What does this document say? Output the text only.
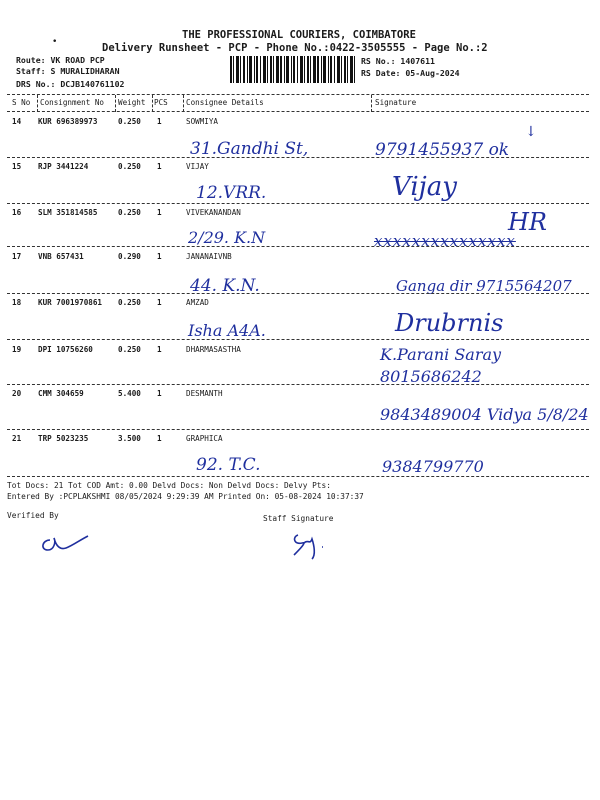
THE PROFESSIONAL COURIERS, COIMBATORE
Delivery Runsheet - PCP - Phone No.:0422-3505555 - Page No.:2
Route: VK ROAD PCP
Staff: S MURALIDHARAN
DRS No.: DCJB140761102
RS No.: 1407611
RS Date: 05-Aug-2024
•
S No Consignment No Weight PCS Consignee Details	Signature
14 KUR 696389973	0.250 1	SOWMIYA
31.Gandhi St,	9791455937 ok
↓
15 RJP 3441224	0.250 1	VIJAY
12.VRR.	Vijay
16 SLM 351814585	0.250 1	VIVEKANANDAN
2/29. K.N	xxxxxxxxxxxxxxx
HR
17 VNB 657431	0.290 1	JANANAIVNB
44. K.N.	Ganga dir 9715564207
18 KUR 7001970861 0.250 1	AMZAD
Isha A4A.	Drubrnis
19 DPI 10756260	0.250 1	DHARMASASTHA	K.Parani Saray 8015686242
20 CMM 304659	5.400 1	DESMANTH
9843489004 Vidya 5/8/24
21 TRP 5023235	3.500 1	GRAPHICA
92. T.C.	9384799770
Tot Docs: 21 Tot COD Amt: 0.00 Delvd Docs: Non Delvd Docs: Delvy Pts:
Entered By :PCPLAKSHMI 08/05/2024 9:29:39 AM Printed On: 05-08-2024 10:37:37
Verified By	Staff Signature
